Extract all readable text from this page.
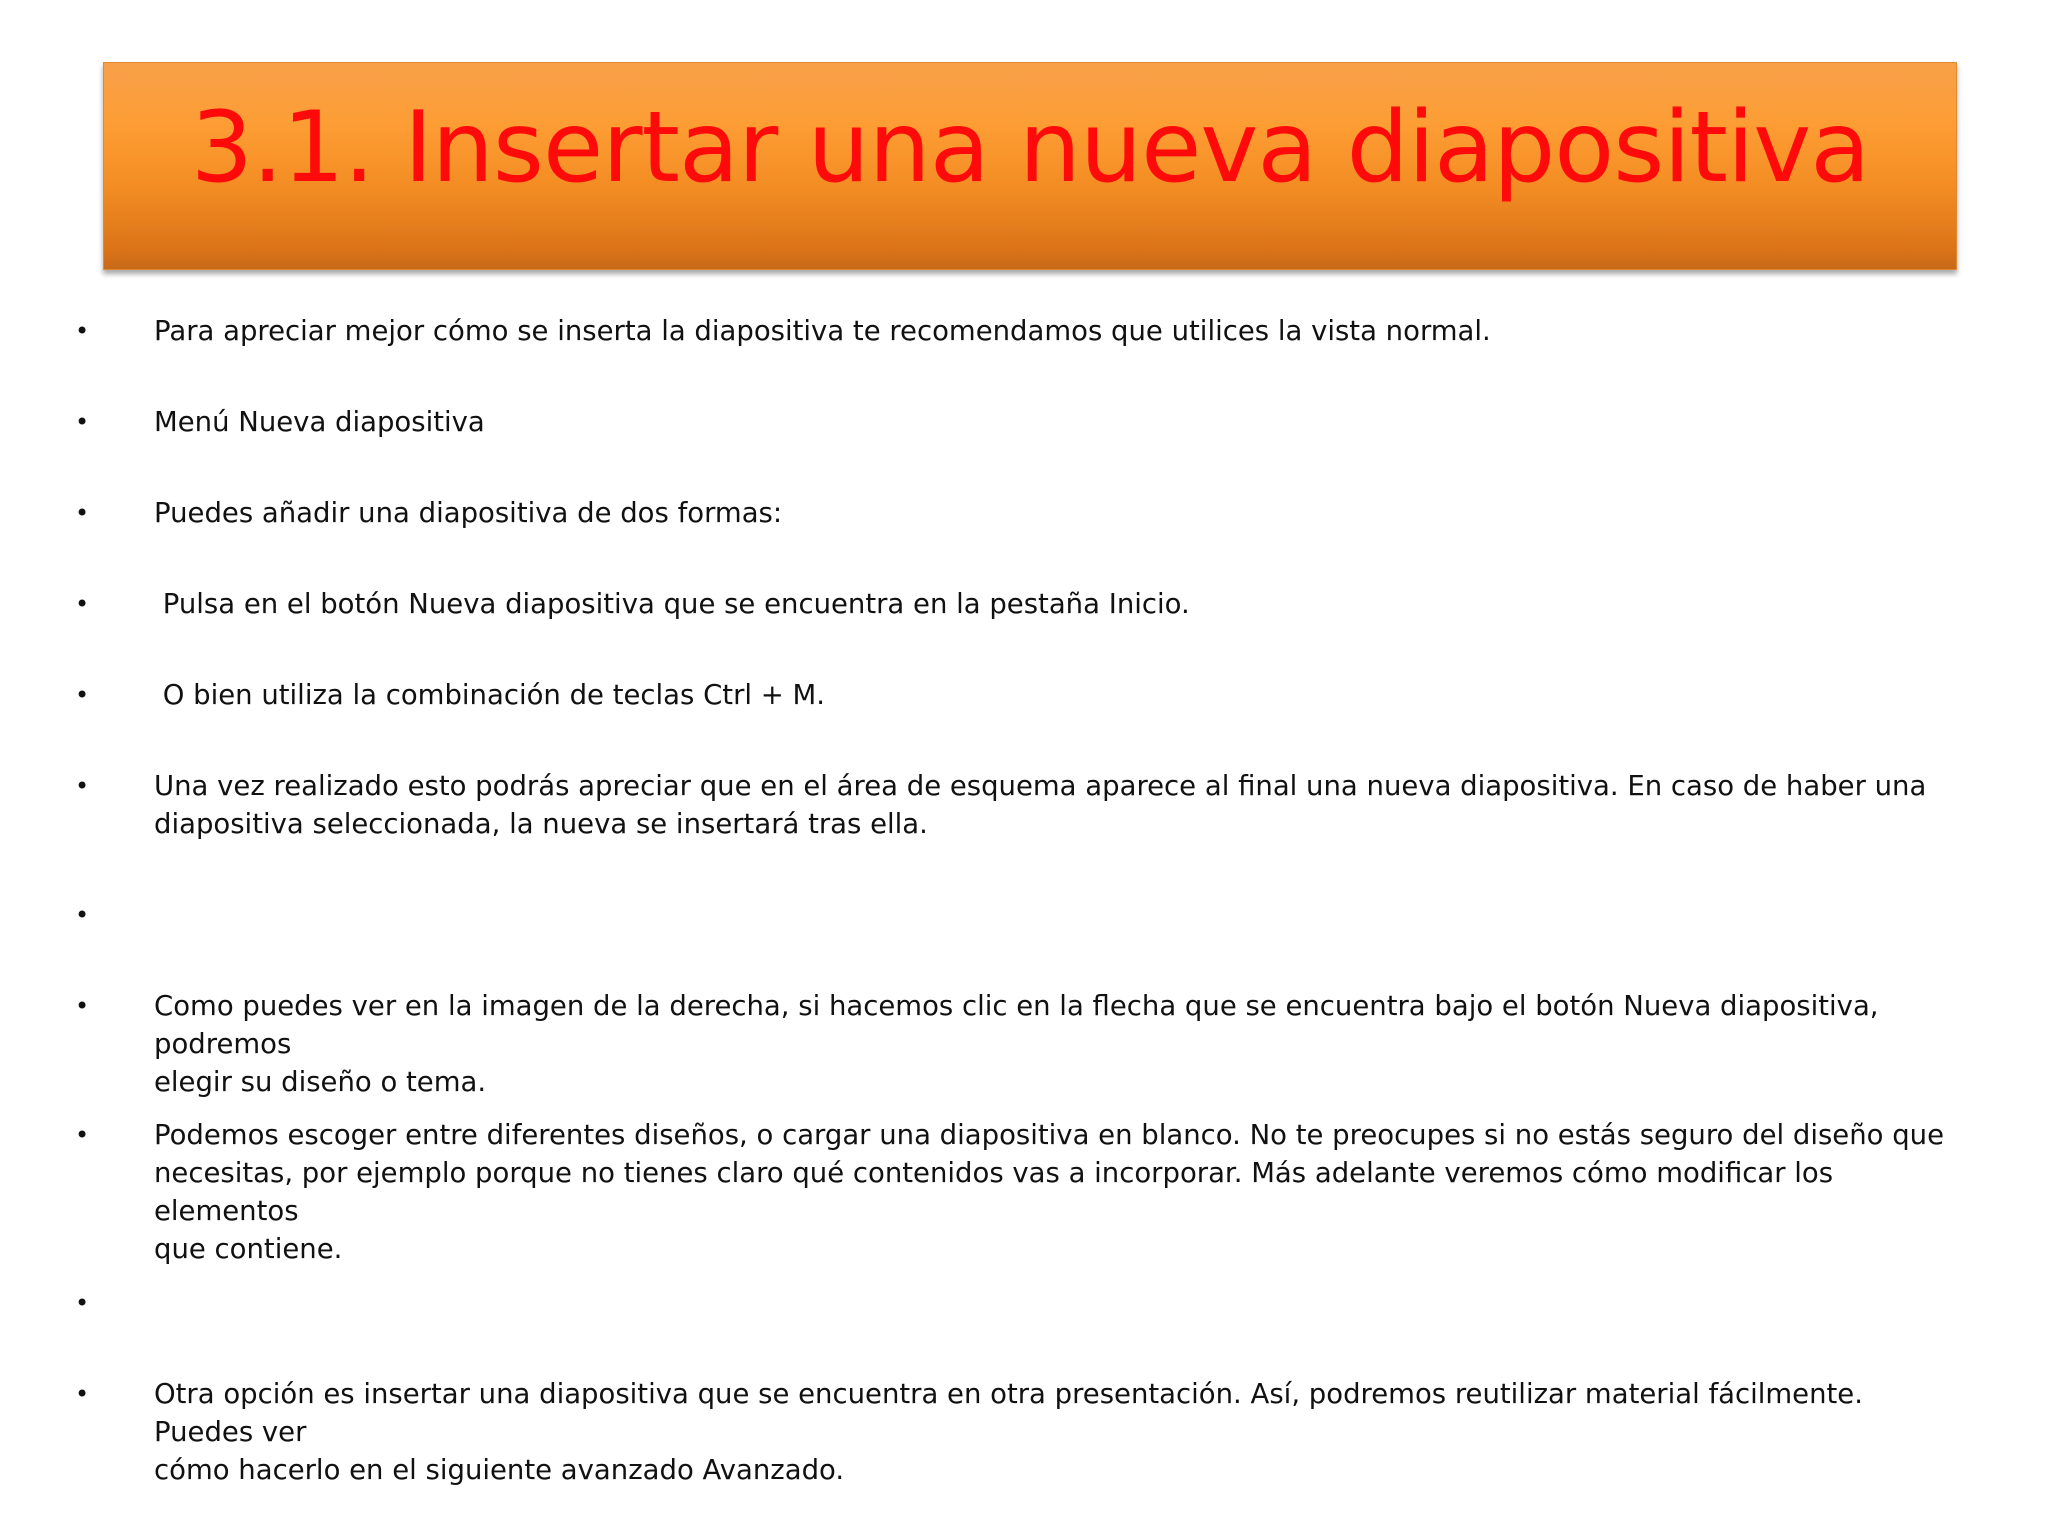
3.1. Insertar una nueva diapositiva
• Para apreciar mejor cómo se inserta la diapositiva te recomendamos que utilices la vista normal.
• Menú Nueva diapositiva
• Puedes añadir una diapositiva de dos formas:
• Pulsa en el botón Nueva diapositiva que se encuentra en la pestaña Inicio.
• O bien utiliza la combinación de teclas Ctrl + M.
• Una vez realizado esto podrás apreciar que en el área de esquema aparece al final una nueva diapositiva. En caso de haber una
diapositiva seleccionada, la nueva se insertará tras ella.
•
• Como puedes ver en la imagen de la derecha, si hacemos clic en la flecha que se encuentra bajo el botón Nueva diapositiva, podremos
elegir su diseño o tema.
• Podemos escoger entre diferentes diseños, o cargar una diapositiva en blanco. No te preocupes si no estás seguro del diseño que
necesitas, por ejemplo porque no tienes claro qué contenidos vas a incorporar. Más adelante veremos cómo modificar los elementos
que contiene.
•
• Otra opción es insertar una diapositiva que se encuentra en otra presentación. Así, podremos reutilizar material fácilmente. Puedes ver
cómo hacerlo en el siguiente avanzado Avanzado.
